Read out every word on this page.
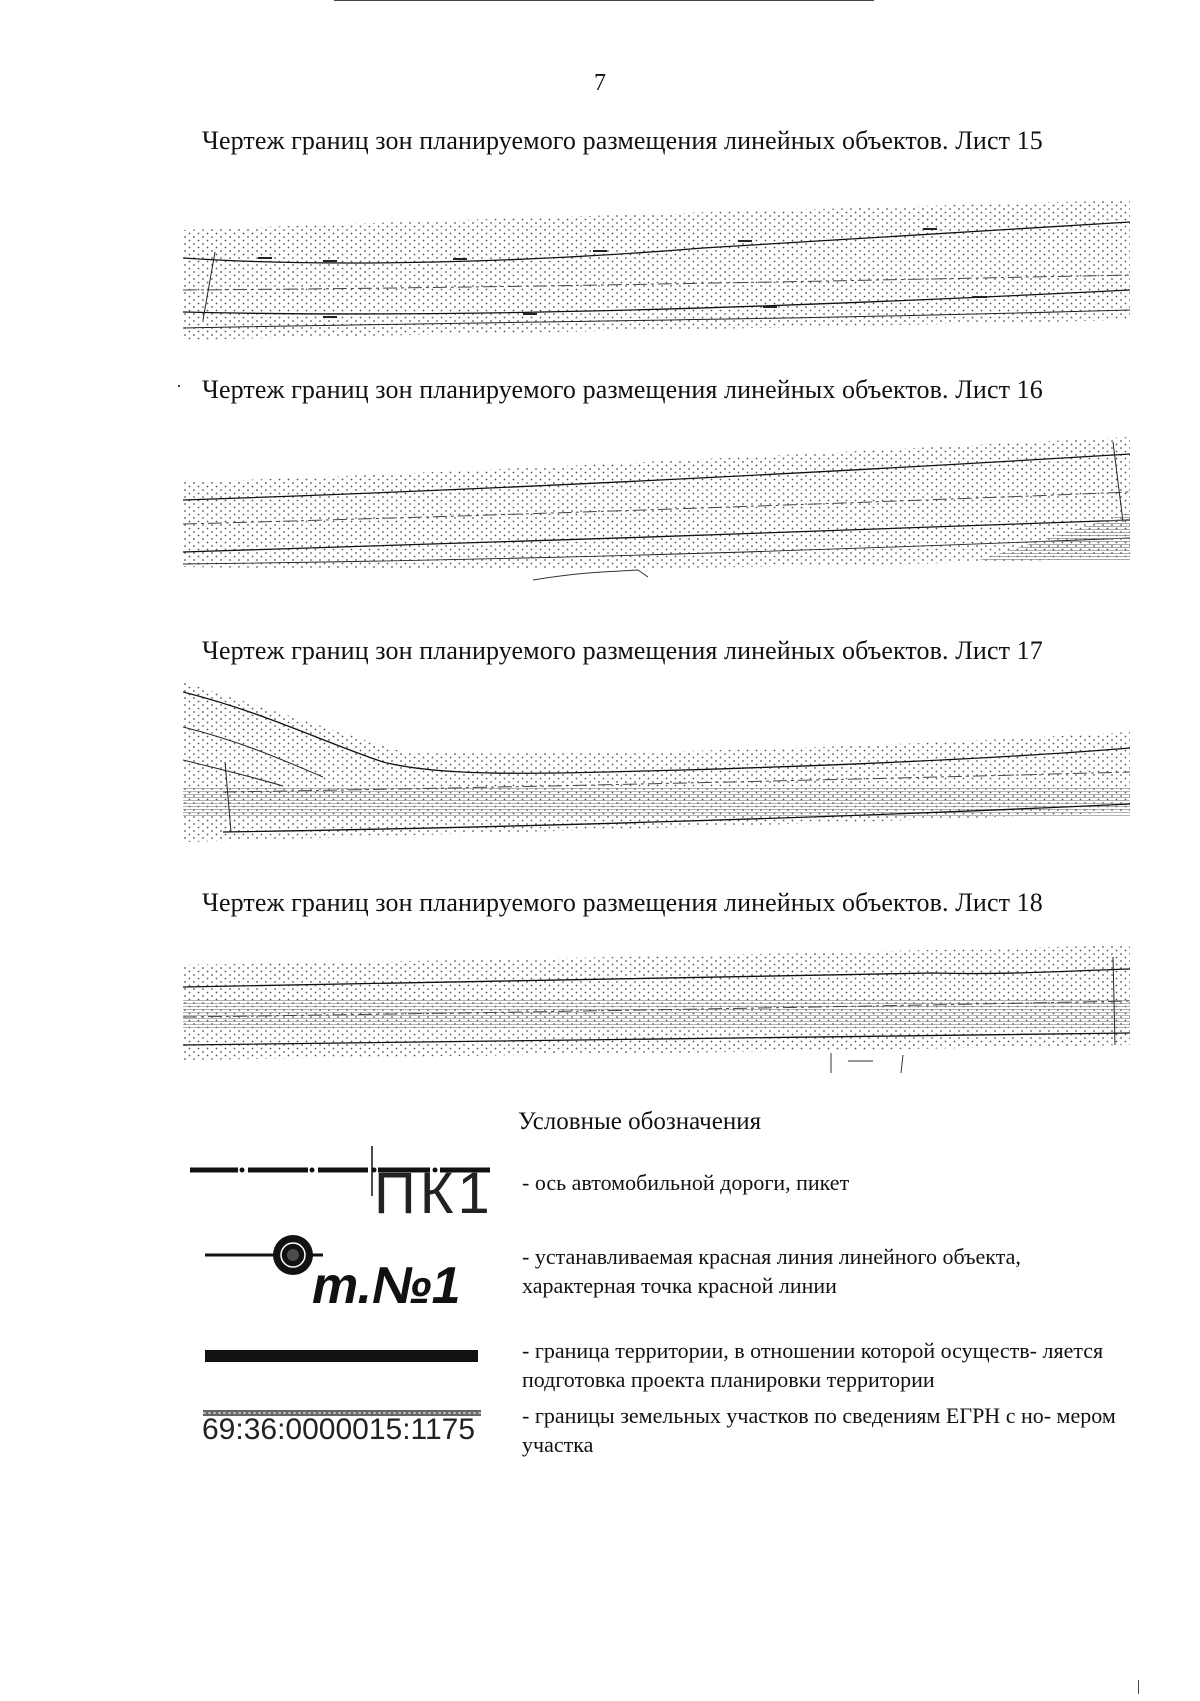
7
Чертеж границ зон планируемого размещения линейных объектов. Лист 15
Чертеж границ зон планируемого размещения линейных объектов. Лист 16
Чертеж границ зон планируемого размещения линейных объектов. Лист 17
Чертеж границ зон планируемого размещения линейных объектов. Лист 18
Условные обозначения
ПК1 - ось автомобильной дороги, пикет
т.№1
- устанавливаемая красная линия линейного объекта, характерная точка красной линии
- граница территории, в отношении которой осуществ- ляется подготовка проекта планировки территории
69:36:0000015:1175 - границы земельных участков по сведениям ЕГРН с но- мером участка
